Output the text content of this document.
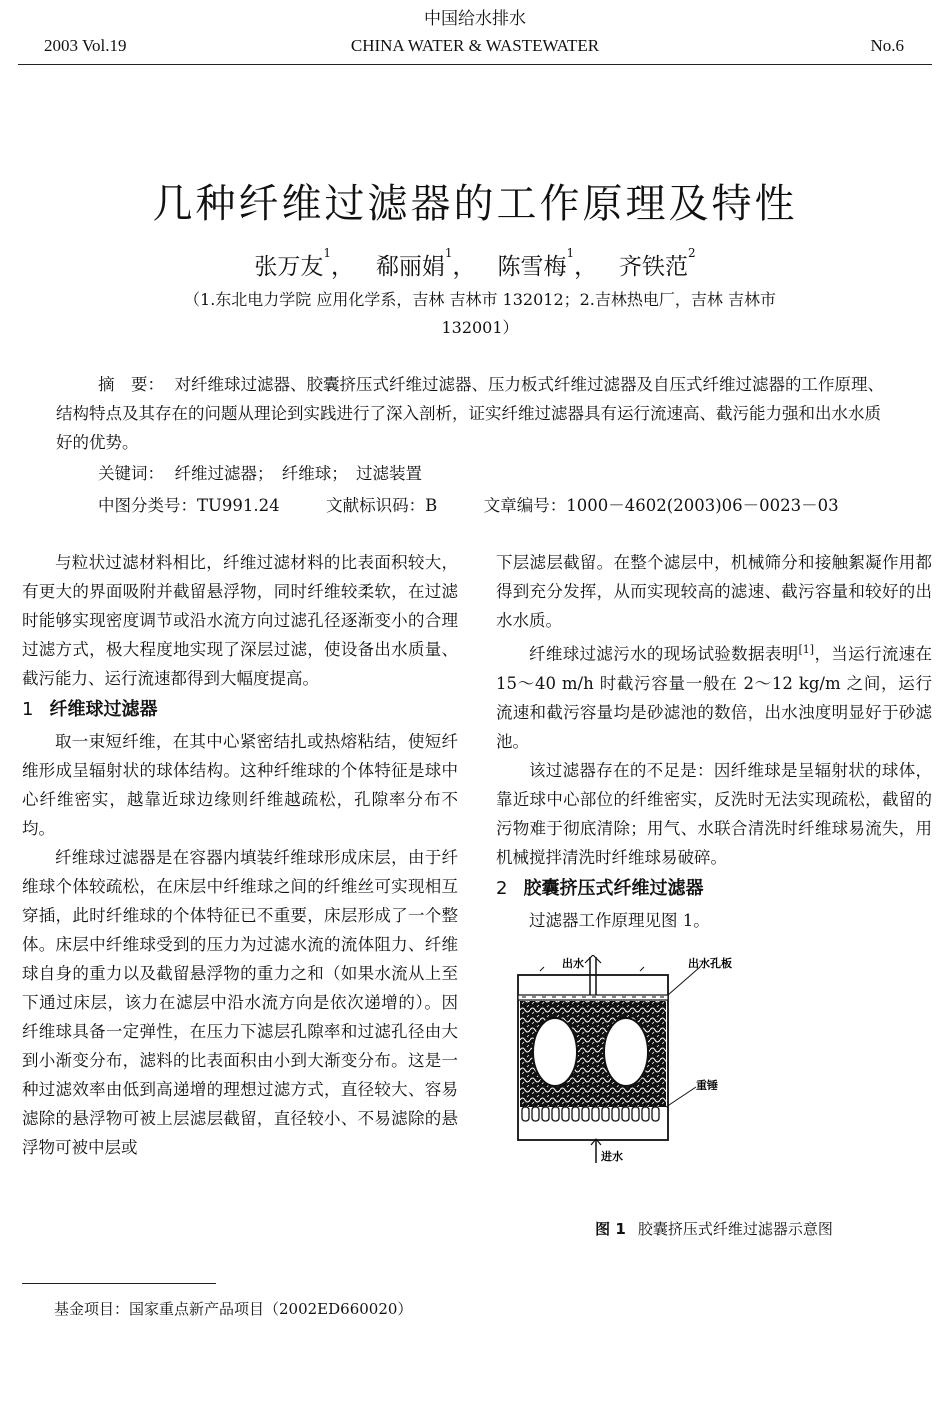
中国给水排水
2003 Vol.19	CHINA WATER & WASTEWATER	No.6
几种纤维过滤器的工作原理及特性
张万友$^1$，   郗丽娟$^1$，   陈雪梅$^1$，   齐铁范$^2$
（1.东北电力学院 应用化学系，吉林 吉林市 132012；2.吉林热电厂，吉林 吉林市
132001）

摘　要： 对纤维球过滤器、胶囊挤压式纤维过滤器、压力板式纤维过滤器及自压式纤维过滤器的工作原理、结构特点及其存在的问题从理论到实践进行了深入剖析，证实纤维过滤器具有运行流速高、截污能力强和出水水质好的优势。

关键词： 纤维过滤器；　纤维球；　过滤装置
中图分类号：TU991.24	文献标识码：B	文章编号：1000－4602(2003)06－0023－03

与粒状过滤材料相比，纤维过滤材料的比表面积较大，有更大的界面吸附并截留悬浮物，同时纤维较柔软，在过滤时能够实现密度调节或沿水流方向过滤孔径逐渐变小的合理过滤方式，极大程度地实现了深层过滤，使设备出水质量、截污能力、运行流速都得到大幅度提高。

1 纤维球过滤器

取一束短纤维，在其中心紧密结扎或热熔粘结，使短纤维形成呈辐射状的球体结构。这种纤维球的个体特征是球中心纤维密实，越靠近球边缘则纤维越疏松，孔隙率分布不均。

纤维球过滤器是在容器内填装纤维球形成床层，由于纤维球个体较疏松，在床层中纤维球之间的纤维丝可实现相互穿插，此时纤维球的个体特征已不重要，床层形成了一个整体。床层中纤维球受到的压力为过滤水流的流体阻力、纤维球自身的重力以及截留悬浮物的重力之和（如果水流从上至下通过床层，该力在滤层中沿水流方向是依次递增的）。因纤维球具备一定弹性，在压力下滤层孔隙率和过滤孔径由大到小渐变分布，滤料的比表面积由小到大渐变分布。这是一种过滤效率由低到高递增的理想过滤方式，直径较大、容易滤除的悬浮物可被上层滤层截留，直径较小、不易滤除的悬浮物可被中层或

下层滤层截留。在整个滤层中，机械筛分和接触絮凝作用都得到充分发挥，从而实现较高的滤速、截污容量和较好的出水水质。

纤维球过滤污水的现场试验数据表明[1]，当运行流速在 15～40 m/h 时截污容量一般在 2～12 kg/m 之间，运行流速和截污容量均是砂滤池的数倍，出水浊度明显好于砂滤池。

该过滤器存在的不足是：因纤维球是呈辐射状的球体，靠近球中心部位的纤维密实，反洗时无法实现疏松，截留的污物难于彻底清除；用气、水联合清洗时纤维球易流失，用机械搅拌清洗时纤维球易破碎。

2 胶囊挤压式纤维过滤器

过滤器工作原理见图 1。

出水	出水孔板
重锤
进水
图 1 胶囊挤压式纤维过滤器示意图
基金项目：国家重点新产品项目（2002ED660020）
